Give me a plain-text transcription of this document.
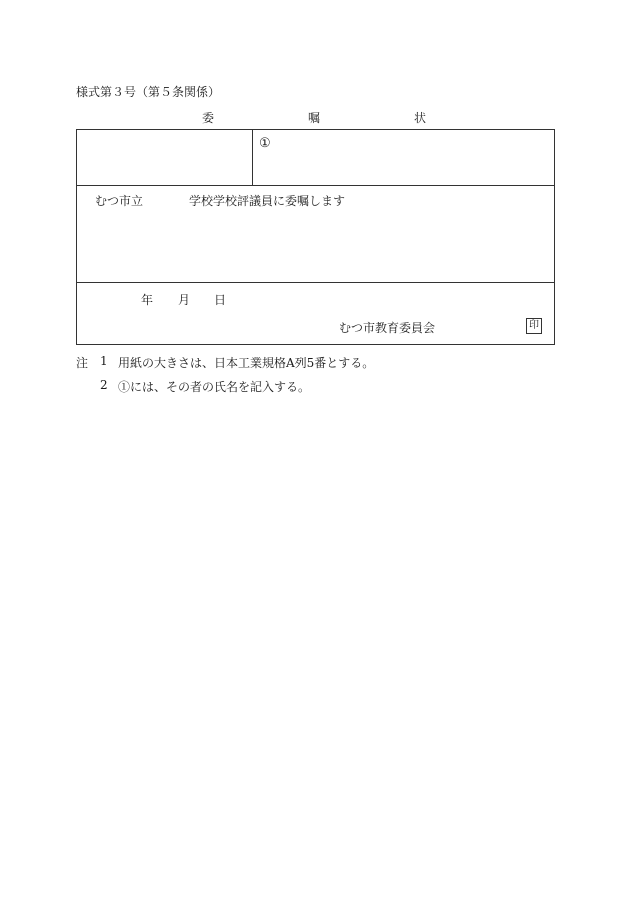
様式第３号（第５条関係）
委	嘱	状
①
むつ市立	学校学校評議員に委嘱します
年 月 日
むつ市教育委員会	印
注 1 用紙の大きさは、日本工業規格A列5番とする。
2 ①には、その者の氏名を記入する。
